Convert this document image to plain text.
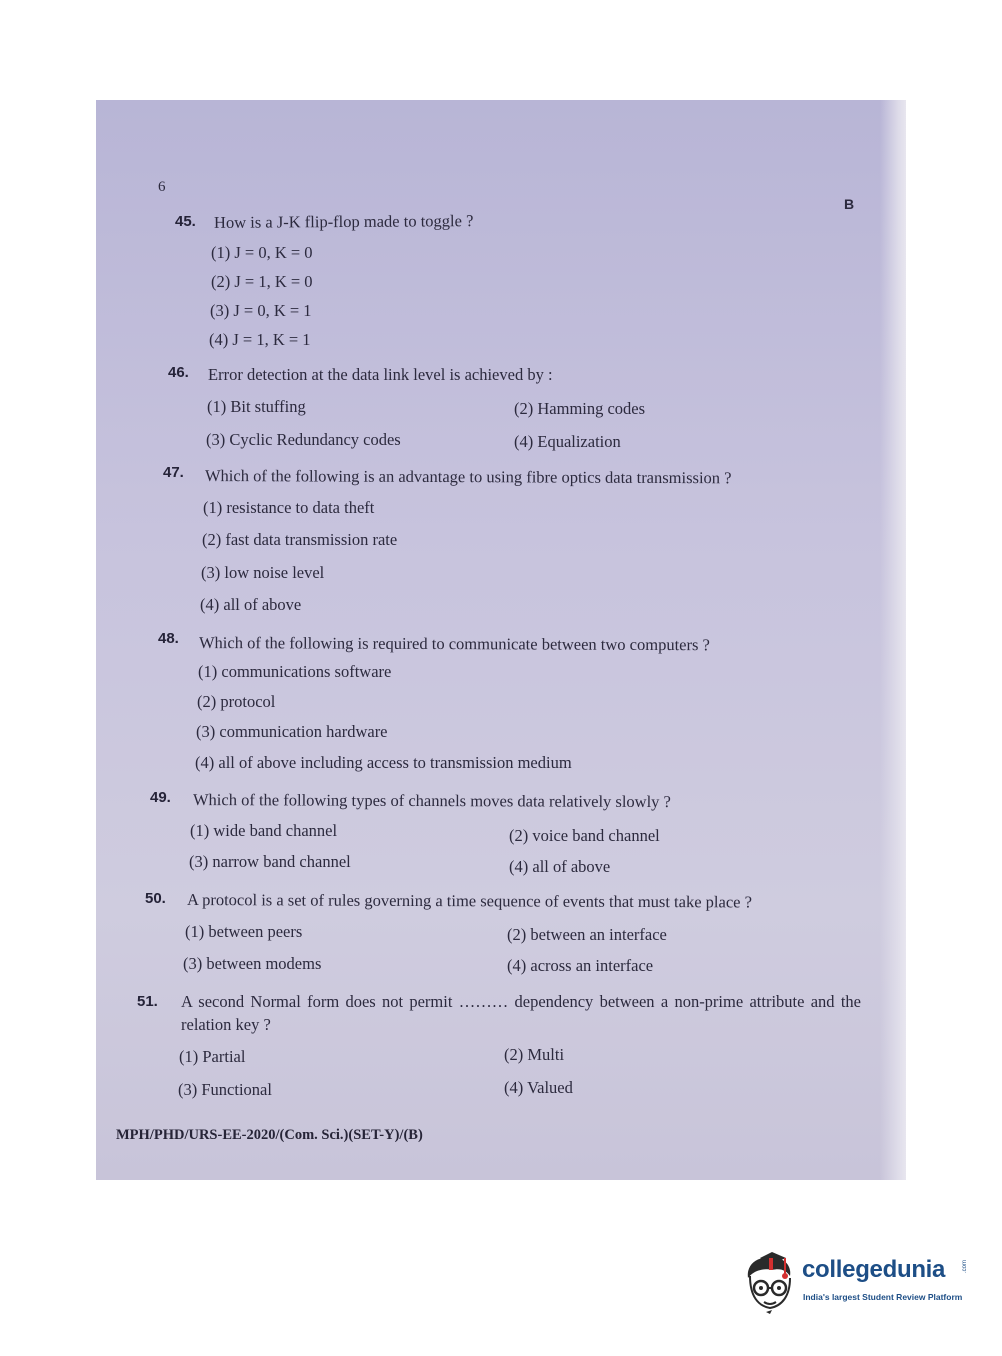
6
B
45. How is a J-K flip-flop made to toggle ?
(1) J = 0, K = 0
(2) J = 1, K = 0
(3) J = 0, K = 1
(4) J = 1, K = 1
46. Error detection at the data link level is achieved by :
(1) Bit stuffing	(2) Hamming codes
(3) Cyclic Redundancy codes	(4) Equalization
47. Which of the following is an advantage to using fibre optics data transmission ?
(1) resistance to data theft
(2) fast data transmission rate
(3) low noise level
(4) all of above
48. Which of the following is required to communicate between two computers ?
(1) communications software
(2) protocol
(3) communication hardware
(4) all of above including access to transmission medium
49. Which of the following types of channels moves data relatively slowly ?
(1) wide band channel	(2) voice band channel
(3) narrow band channel	(4) all of above
50. A protocol is a set of rules governing a time sequence of events that must take place ?
(1) between peers	(2) between an interface
(3) between modems	(4) across an interface
51. A second Normal form does not permit ……… dependency between a non-prime attribute and the relation key ?
(1) Partial	(2) Multi
(3) Functional	(4) Valued
MPH/PHD/URS-EE-2020/(Com. Sci.)(SET-Y)/(B)
collegedunia	.com
India's largest Student Review Platform
